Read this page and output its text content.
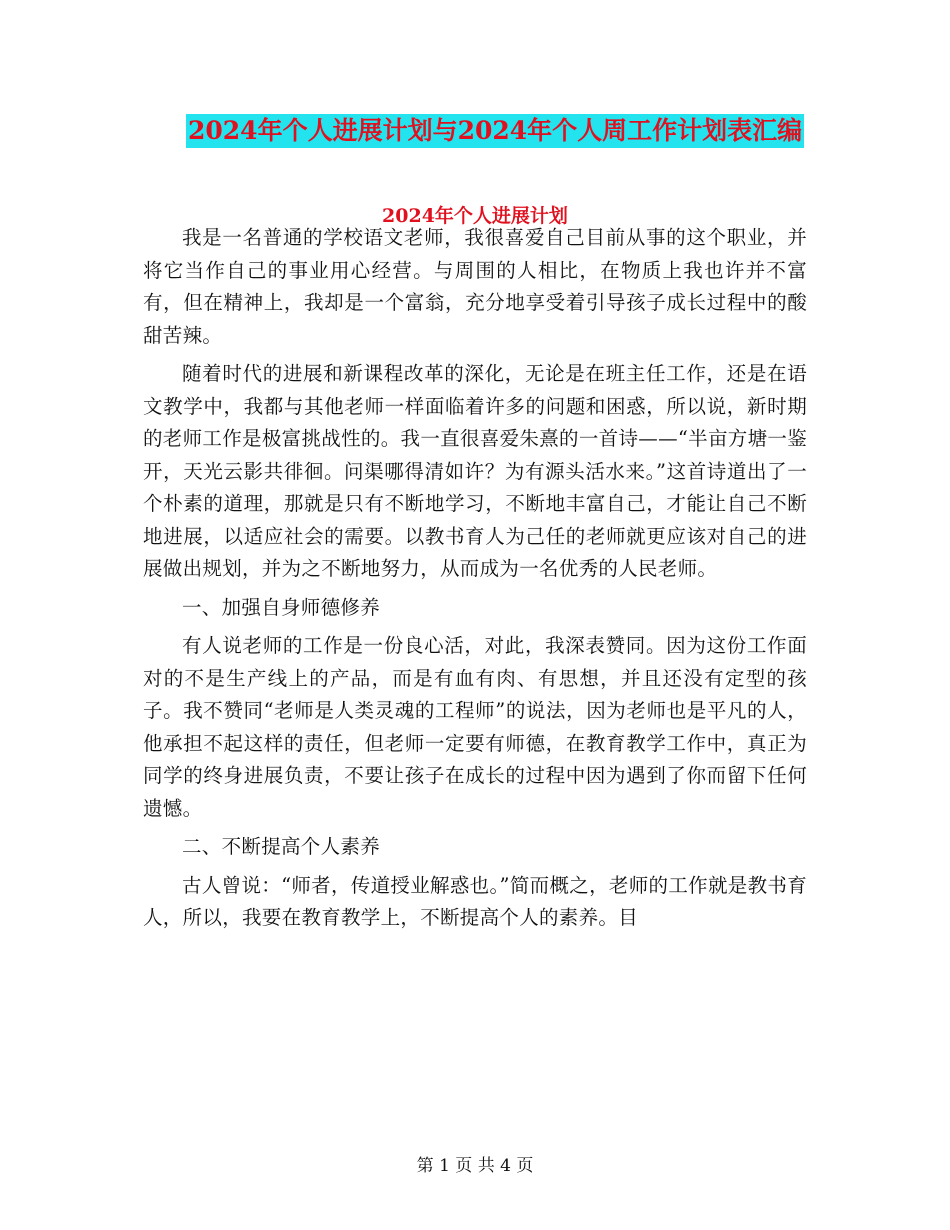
2024年个人进展计划与2024年个人周工作计划表汇编
2024年个人进展计划

我是一名普通的学校语文老师，我很喜爱自己目前从事的这个职业，并将它当作自己的事业用心经营。与周围的人相比，在物质上我也许并不富有，但在精神上，我却是一个富翁，充分地享受着引导孩子成长过程中的酸甜苦辣。

随着时代的进展和新课程改革的深化，无论是在班主任工作，还是在语文教学中，我都与其他老师一样面临着许多的问题和困惑，所以说，新时期的老师工作是极富挑战性的。我一直很喜爱朱熹的一首诗——“半亩方塘一鉴开，天光云影共徘徊。问渠哪得清如许？为有源头活水来。”这首诗道出了一个朴素的道理，那就是只有不断地学习，不断地丰富自己，才能让自己不断地进展，以适应社会的需要。以教书育人为己任的老师就更应该对自己的进展做出规划，并为之不断地努力，从而成为一名优秀的人民老师。

一、加强自身师德修养

有人说老师的工作是一份良心活，对此，我深表赞同。因为这份工作面对的不是生产线上的产品，而是有血有肉、有思想，并且还没有定型的孩子。我不赞同“老师是人类灵魂的工程师”的说法，因为老师也是平凡的人，他承担不起这样的责任，但老师一定要有师德，在教育教学工作中，真正为同学的终身进展负责，不要让孩子在成长的过程中因为遇到了你而留下任何遗憾。

二、不断提高个人素养

古人曾说：“师者，传道授业解惑也。”简而概之，老师的工作就是教书育人，所以，我要在教育教学上，不断提高个人的素养。目

第 1 页 共 4 页
